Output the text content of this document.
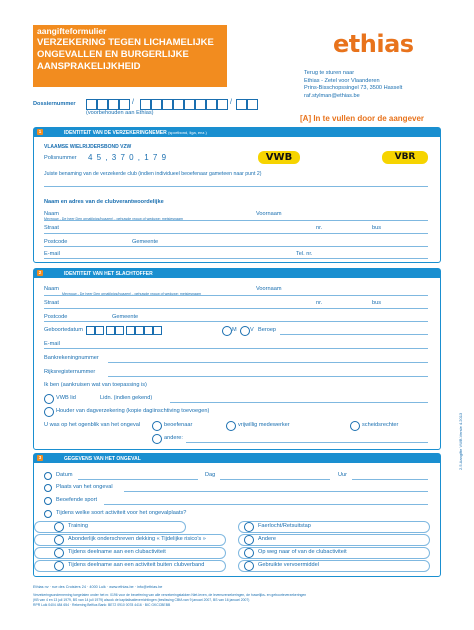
aangifteformulier
VERZEKERING TEGEN LICHAMELIJKE ONGEVALLEN EN BURGERLIJKE AANSPRAKELIJKHEID
ethias
Terug te sturen naar
Ethias - Zetel voor Vlaanderen
Prins-Bisschopssingel 73, 3500 Hasselt
raf.stylman@ethias.be
Dossiernummer	/	/
(voorbehouden aan Ethias)
[A] In te vullen door de aangever
1	IDENTITEIT VAN DE VERZEKERINGNEMER (sportbond, liga, enz.)
VLAAMSE WIELRIJDERSBOND VZW
Polisnummer 4 5 , 3 7 0 , 1 7 9	VWB	VBR
Juiste benaming van de verzekerde club (indien individueel beoefenaar gameteen naar punt 2)
Naam en adres van de clubverantwoordelijke
Naam
Mevrouw - De heer Den ornatilpics/hoazen) - gehuwde vrouw of weduwe: meisjesnaam
Voornaam
Straat	nr.	bus
Postcode	Gemeente
E-mail	Tel. nr.
2	IDENTITEIT VAN HET SLACHTOFFER
Naam
Mevrouw - De heer Den ornatilpics/hoazen) - gehuwde vrouw of weduwe: meisjesnaam
Voornaam
Straat	nr.	bus
Postcode	Gemeente
Geboortedatum	M V Beroep
E-mail
Bankrekeningnummer
Rijksregisternummer
Ik ben (aankruisen wat van toepassing is)
VWB lid	Lidn. (indien gekend)
Houder van dagverzekering (kopie dagiinschtiving toevoegen)
U was op het ogenblik van het ongeval	beoefenaar	vrijwillig medewerker	scheidsrechter
andere:
3	GEGEVENS VAN HET ONGEVAL
Datum	Dag	Uur
Plaats van het ongeval
Beoefende sport
Tijdens welke soort activiteit voor het ongevalplaats?
Training	Faerlocht/Retsuitstap
Abonderlijk onderschreven dekking « Tijdelijke risico's »	Andere
Tijdens deelname aan een clubactiviteit	Op weg naar of van de clubactiviteit
Tijdens deelname aan een activiteit buiten clubverband	Gebruikte vervoermiddel
Ethias nv · rue des Croisiers 24 · 4000 Luik · www.ethias.be · info@ethias.be
Verzekeringsonderneming toegelaten onder het nr. 0196 voor de beoefening van alle verzekeringstakken Niet-leven, de levensverzekeringen, de huwelijks- en geboorteverzekeringen
(KB van 4 en 13 juli 1979, BS van 14 juli 1979) alsook de kapitalisatieverrichtingen (beslissing CBfA van 9 januari 2007, BS van 16 januari 2007)
RPR Luik 0404 484 654 · Rekening Belfius Bank: BE72 0910 0078 4416 · BIC GKCCBEBB
2.5.Aangifte VWB.Versie 4.2013
